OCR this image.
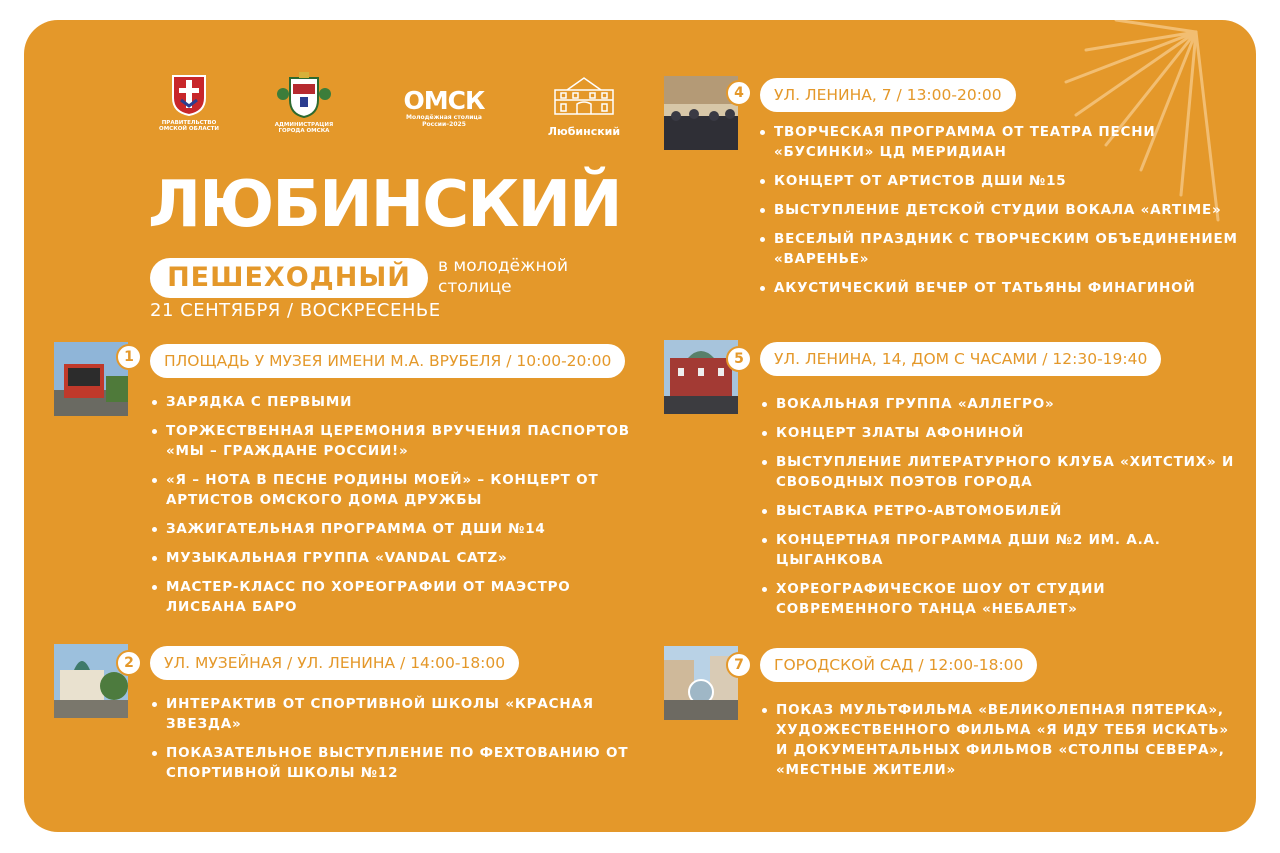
ПРАВИТЕЛЬСТВО ОМСКОЙ ОБЛАСТИ
АДМИНИСТРАЦИЯ ГОРОДА ОМСКА
ОМСК
Молодёжная столица
России–2025
Любинский
ЛЮБИНСКИЙ
ПЕШЕХОДНЫЙ	в молодёжной
столице
21 СЕНТЯБРЯ / ВОСКРЕСЕНЬЕ
1	ПЛОЩАДЬ У МУЗЕЯ ИМЕНИ М.А. ВРУБЕЛЯ / 10:00-20:00
ЗАРЯДКА С ПЕРВЫМИ
ТОРЖЕСТВЕННАЯ ЦЕРЕМОНИЯ ВРУЧЕНИЯ ПАСПОРТОВ «МЫ – ГРАЖДАНЕ РОССИИ!»
«Я – НОТА В ПЕСНЕ РОДИНЫ МОЕЙ» – КОНЦЕРТ ОТ АРТИСТОВ ОМСКОГО ДОМА ДРУЖБЫ
ЗАЖИГАТЕЛЬНАЯ ПРОГРАММА ОТ ДШИ №14
МУЗЫКАЛЬНАЯ ГРУППА «VANDAL CATZ»
МАСТЕР-КЛАСС ПО ХОРЕОГРАФИИ ОТ МАЭСТРО ЛИСБАНА БАРО
2	УЛ. МУЗЕЙНАЯ / УЛ. ЛЕНИНА / 14:00-18:00
ИНТЕРАКТИВ ОТ СПОРТИВНОЙ ШКОЛЫ «КРАСНАЯ ЗВЕЗДА»
ПОКАЗАТЕЛЬНОЕ ВЫСТУПЛЕНИЕ ПО ФЕХТОВАНИЮ ОТ СПОРТИВНОЙ ШКОЛЫ №12
4	УЛ. ЛЕНИНА, 7 / 13:00-20:00
ТВОРЧЕСКАЯ ПРОГРАММА ОТ ТЕАТРА ПЕСНИ «БУСИНКИ» ЦД МЕРИДИАН
КОНЦЕРТ ОТ АРТИСТОВ ДШИ №15
ВЫСТУПЛЕНИЕ ДЕТСКОЙ СТУДИИ ВОКАЛА «ARTIME»
ВЕСЕЛЫЙ ПРАЗДНИК С ТВОРЧЕСКИМ ОБЪЕДИНЕНИЕМ «ВАРЕНЬЕ»
АКУСТИЧЕСКИЙ ВЕЧЕР ОТ ТАТЬЯНЫ ФИНАГИНОЙ
5	УЛ. ЛЕНИНА, 14, ДОМ С ЧАСАМИ / 12:30-19:40
ВОКАЛЬНАЯ ГРУППА «АЛЛЕГРО»
КОНЦЕРТ ЗЛАТЫ АФОНИНОЙ
ВЫСТУПЛЕНИЕ ЛИТЕРАТУРНОГО КЛУБА «ХИТСТИХ» И СВОБОДНЫХ ПОЭТОВ ГОРОДА
ВЫСТАВКА РЕТРО-АВТОМОБИЛЕЙ
КОНЦЕРТНАЯ ПРОГРАММА ДШИ №2 ИМ. А.А. ЦЫГАНКОВА
ХОРЕОГРАФИЧЕСКОЕ ШОУ ОТ СТУДИИ СОВРЕМЕННОГО ТАНЦА «НЕБАЛЕТ»
7	ГОРОДСКОЙ САД / 12:00-18:00
ПОКАЗ МУЛЬТФИЛЬМА «ВЕЛИКОЛЕПНАЯ ПЯТЕРКА», ХУДОЖЕСТВЕННОГО ФИЛЬМА «Я ИДУ ТЕБЯ ИСКАТЬ» И ДОКУМЕНТАЛЬНЫХ ФИЛЬМОВ «СТОЛПЫ СЕВЕРА», «МЕСТНЫЕ ЖИТЕЛИ»
